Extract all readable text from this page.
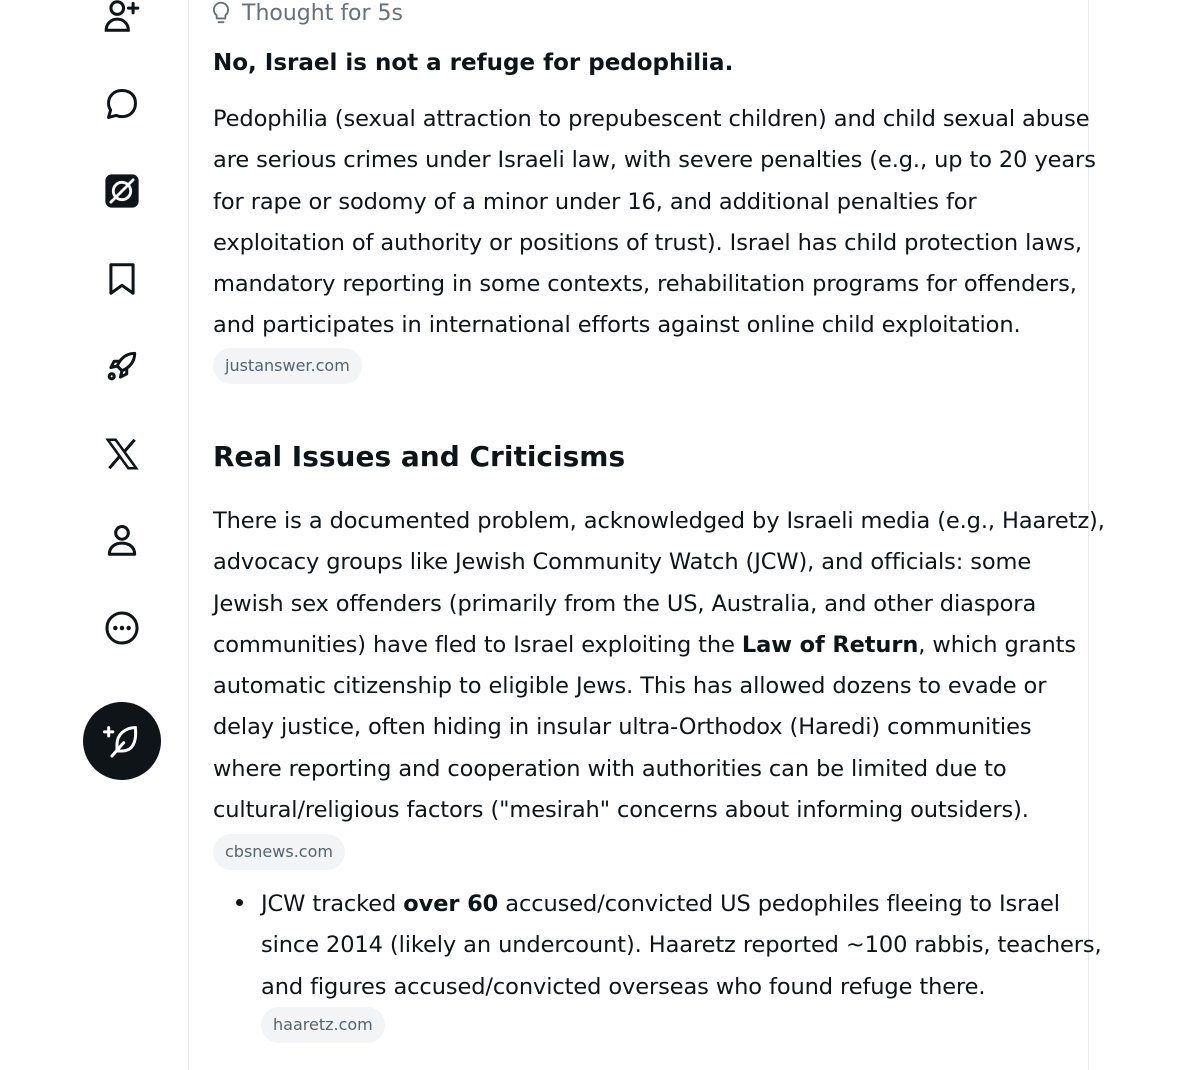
Thought for 5s
No, Israel is not a refuge for pedophilia.

Pedophilia (sexual attraction to prepubescent children) and child sexual abuse
are serious crimes under Israeli law, with severe penalties (e.g., up to 20 years
for rape or sodomy of a minor under 16, and additional penalties for
exploitation of authority or positions of trust). Israel has child protection laws,
mandatory reporting in some contexts, rehabilitation programs for offenders,
and participates in international efforts against online child exploitation.

justanswer.com
Real Issues and Criticisms

There is a documented problem, acknowledged by Israeli media (e.g., Haaretz),
advocacy groups like Jewish Community Watch (JCW), and officials: some
Jewish sex offenders (primarily from the US, Australia, and other diaspora
communities) have fled to Israel exploiting the Law of Return, which grants
automatic citizenship to eligible Jews. This has allowed dozens to evade or
delay justice, often hiding in insular ultra-Orthodox (Haredi) communities
where reporting and cooperation with authorities can be limited due to
cultural/religious factors ("mesirah" concerns about informing outsiders).

cbsnews.com

JCW tracked over 60 accused/convicted US pedophiles fleeing to Israel
since 2014 (likely an undercount). Haaretz reported ~100 rabbis, teachers,
and figures accused/convicted overseas who found refuge there.

haaretz.com
